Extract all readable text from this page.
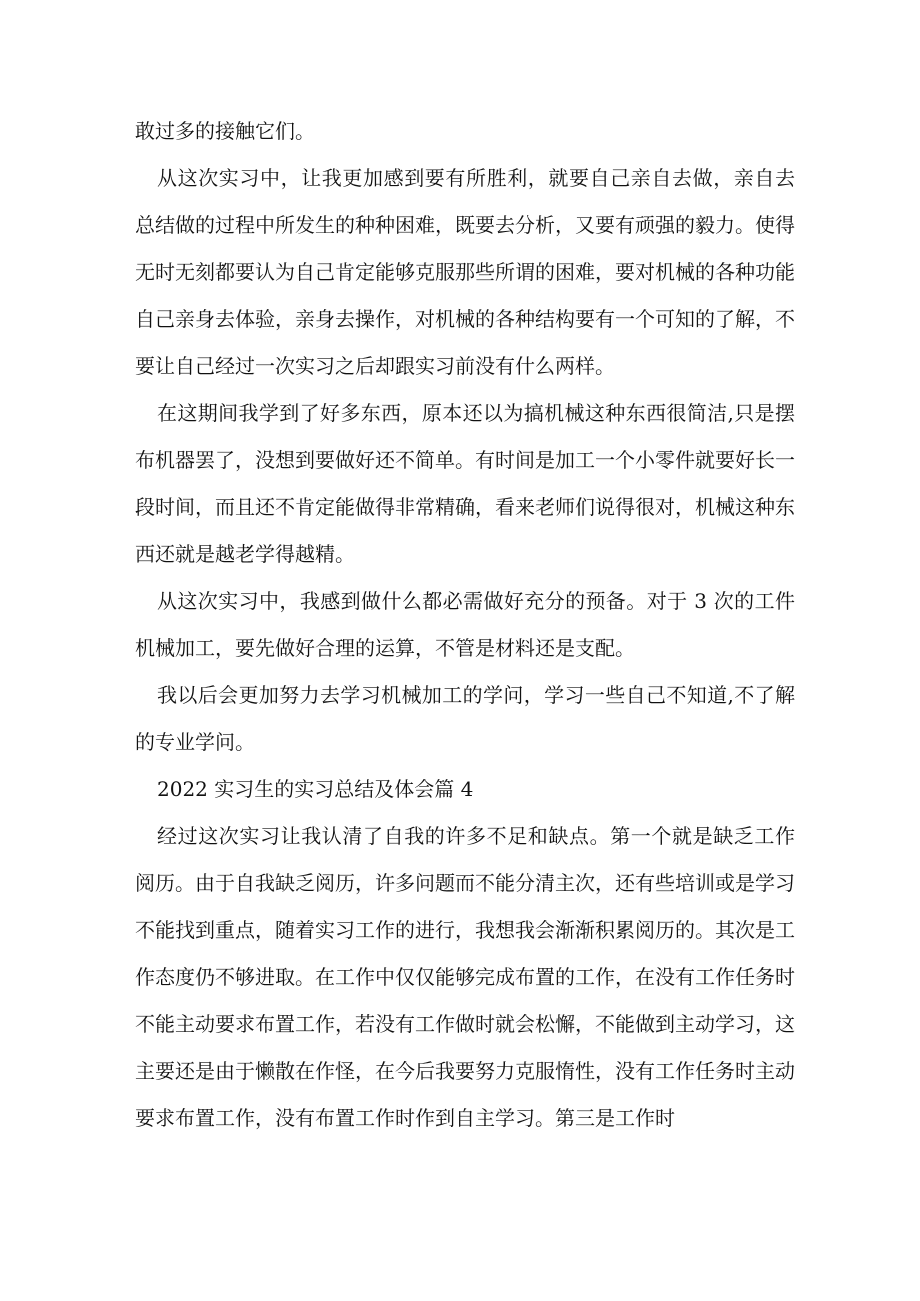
敢过多的接触它们。

从这次实习中，让我更加感到要有所胜利，就要自己亲自去做，亲自去总结做的过程中所发生的种种困难，既要去分析，又要有顽强的毅力。使得无时无刻都要认为自己肯定能够克服那些所谓的困难，要对机械的各种功能自己亲身去体验，亲身去操作，对机械的各种结构要有一个可知的了解，不要让自己经过一次实习之后却跟实习前没有什么两样。

在这期间我学到了好多东西，原本还以为搞机械这种东西很简洁,只是摆布机器罢了，没想到要做好还不简单。有时间是加工一个小零件就要好长一段时间，而且还不肯定能做得非常精确，看来老师们说得很对，机械这种东西还就是越老学得越精。

从这次实习中，我感到做什么都必需做好充分的预备。对于 3 次的工件机械加工，要先做好合理的运算，不管是材料还是支配。

我以后会更加努力去学习机械加工的学问，学习一些自己不知道,不了解的专业学问。

2022 实习生的实习总结及体会篇 4

经过这次实习让我认清了自我的许多不足和缺点。第一个就是缺乏工作阅历。由于自我缺乏阅历，许多问题而不能分清主次，还有些培训或是学习不能找到重点，随着实习工作的进行，我想我会渐渐积累阅历的。其次是工作态度仍不够进取。在工作中仅仅能够完成布置的工作，在没有工作任务时不能主动要求布置工作，若没有工作做时就会松懈，不能做到主动学习，这主要还是由于懒散在作怪，在今后我要努力克服惰性，没有工作任务时主动要求布置工作，没有布置工作时作到自主学习。第三是工作时
